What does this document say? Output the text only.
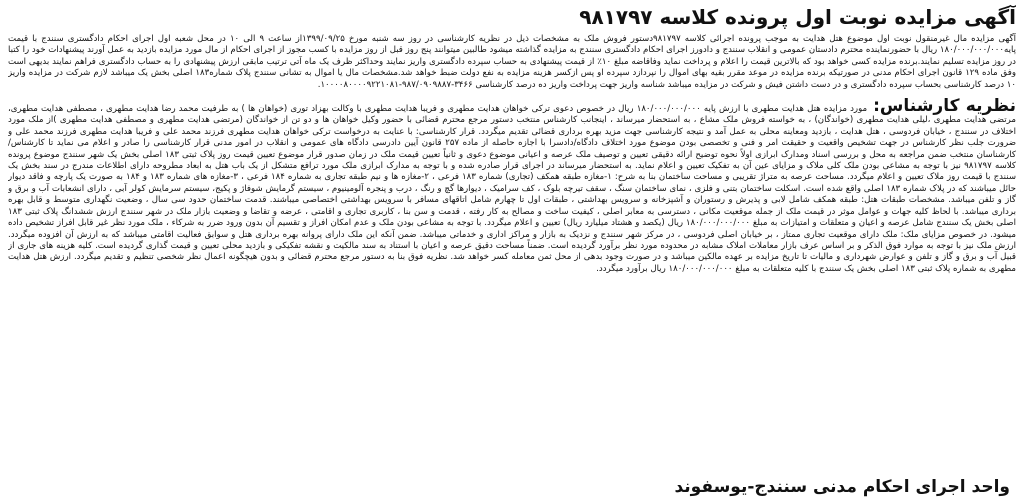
آگهی مزایده نوبت اول پرونده کلاسه ۹۸۱۷۹۷

آگهی مزایده مال غیرمنقول نوبت اول موضوع هتل هدایت به موجب پرونده اجرائی کلاسه ۹۸۱۷۹۷دستور فروش ملک به مشخصات ذیل در نظریه کارشناسی در روز سه شنبه مورخ ۱۳۹۹/۰۹/۲۵از ساعت ۹ الی ۱۰ در محل شعبه اول اجرای احکام دادگستری سنندج با قیمت پایه۱۸۰/۰۰۰/۰۰۰/۰۰۰ ریال با حضورنماینده محترم دادستان عمومی و انقلاب سنندج و دادورز اجرای احکام دادگستری سنندج به مزایده گذاشته میشود طالبین میتوانند پنج روز قبل از روز مزایده با کسب مجوز از اجرای احکام از مال مورد مزایده بازدید به عمل آورند پیشنهادات خود را کتبا در روز مزایده تسلیم نمایند.برنده مزایده کسی خواهد بود که بالاترین قیمت را اعلام و پرداخت نماید وفاقاضه مبلغ ۱۰٪ از قیمت پیشنهادی به حساب سپرده دادگستری واریز نمایند وحداکثر ظرف یک ماه آتی ترتیب مابقی ارزش پیشنهادی را به حساب دادگستری فراهم نمایند بدیهی است وفق ماده ۱۲۹ قانون اجرای احکام مدنی در صورتیکه برنده مزایده در موعد مقرر بقیه بهای اموال را نپردازد سپرده او پس ازکسر هزینه مزایده به نفع دولت ضبط خواهد شد.مشخصات مال یا اموال به تشانی سنندج پلاک شماره۱۸۳ اصلی بخش یک میباشد لازم شرکت در مزایده واریز ۱۰ درصد کارشناسی بحساب سپرده دادگستری و در دست داشتن فیش و شرکت در مزایده میباشد شناسه واریز جهت پرداخت واریز ده درصد کارشناسی ۳۴۶۶-۹۸۷/۰۹۰۹۸۸۷-۱۰۰۰۰۸۰۰۰۰۹۲۲۱۰۸۱.

نظریه کارشناس:مورد مزایده هتل هدایت مطهری با ارزش پایه ۱۸۰/۰۰۰/۰۰۰/۰۰۰ ریال در خصوص دعوی ترکی خواهان هدایت مطهری و فریبا هدایت مطهری با وکالت بهزاد توری (خواهان ها ) به طرفیت محمد رضا هدایت مطهری ، مصطفی هدایت مطهری، مرتضی هدایت مطهری ،لیلی هدایت مطهری (خواندگان) ، به خواسته فروش ملک مشاع ، به استحضار میرساند ، اینجانب کارشناس منتخب دستور مرجع محترم قضائی با حضور وکیل خواهان ها و دو تن از خواندگان (مرتضی هدایت مطهری و مصطفی هدایت مطهری )از ملک مورد اختلاف در سنندج ، خیابان فردوسی ، هتل هدایت ، بازدید ومعاینه محلی به عمل آمد و نتیجه کارشناسی جهت مزید بهره برداری قضائی تقدیم میگردد. قرار کارشناسی: با عنایت به درخواست ترکی خواهان هدایت مطهری فرزند محمد علی و فریبا هدایت مطهری فرزند محمد علی و ضرورت جلب نظر کارشناس در جهت تشخیص واقعیت و حقیقت امر و فنی و تخصصی بودن موضوع مورد اختلاف دادگاه/دادسرا با اجازه حاصله از ماده ۲۵۷ قانون آیین دادرسی دادگاه های عمومی و انقلاب در امور مدنی قرار کارشناسی را صادر و اعلام می نماید تا کارشناس/کارشناسان منتخب ضمن مراجعه به محل و بررسی اسناد ومدارک ابرازی اولاً نحوه توضیح ارائه دقیقی تعیین و توصیف ملک عرصه و اعیانی موضوع دعوی و ثانیاً تعیین قیمت ملک در زمان صدور قرار موضوع تعیین قیمت روز پلاک ثبتی ۱۸۳ اصلی بخش یک شهر سنندج موضوع پرونده کلاسه ۹۸۱۷۹۷ نیز با توجه به مشاعی بودن ملک کلی ملاک و مزایای عین آن به تفکیک تعیین و اعلام نماید. به استحضار میرساند در اجرای قرار صادره شده و با توجه به مدارک ابرازی ملک مورد ترافع متشکل از یک باب هتل به ابعاد مطروحه دارای اطلاعات مندرج در سند بخش یک سنندج با قیمت روز ملاک تعیین و اعلام میگردد. مساحت عرصه به متراژ تقریبی و مساحت ساختمان بنا به شرح: ۱-مغازه طبقه همکف (تجاری) شماره ۱۸۳ فرعی ، ۲-مغازه ها و نیم طبقه تجاری به شماره ۱۸۴ فرعی ، ۳-مغازه های شماره ۱۸۳ و ۱۸۴ به صورت یک پارچه و فاقد دیوار حائل میباشند که در پلاک شماره ۱۸۳ اصلی واقع شده است. اسکلت ساختمان بتنی و فلزی ، نمای ساختمان سنگ ، سقف تیرچه بلوک ، کف سرامیک ، دیوارها گچ و رنگ ، درب و پنجره آلومینیوم ، سیستم گرمایش شوفاژ و پکیج، سیستم سرمایش کولر آبی ، دارای انشعابات آب و برق و گاز و تلفن میباشد. مشخصات طبقات هتل: طبقه همکف شامل لابی و پذیرش و رستوران و آشپزخانه و سرویس بهداشتی ، طبقات اول تا چهارم شامل اتاقهای مسافر با سرویس بهداشتی اختصاصی میباشند. قدمت ساختمان حدود سی سال ، وضعیت نگهداری متوسط و قابل بهره برداری میباشد. با لحاظ کلیه جهات و عوامل موثر در قیمت ملک از جمله موقعیت مکانی ، دسترسی به معابر اصلی ، کیفیت ساخت و مصالح به کار رفته ، قدمت و سن بنا ، کاربری تجاری و اقامتی ، عرضه و تقاضا و وضعیت بازار ملک در شهر سنندج ارزش ششدانگ پلاک ثبتی ۱۸۳ اصلی بخش یک سنندج شامل عرصه و اعیان و متعلقات و امتیازات به مبلغ ۱۸۰/۰۰۰/۰۰۰/۰۰۰ ریال (یکصد و هشتاد میلیارد ریال) تعیین و اعلام میگردد. با توجه به مشاعی بودن ملک و عدم امکان افراز و تقسیم آن بدون ورود ضرر به شرکاء ، ملک مورد نظر غیر قابل افراز تشخیص داده میشود. در خصوص مزایای ملک: ملک دارای موقعیت تجاری ممتاز ، بر خیابان اصلی فردوسی ، در مرکز شهر سنندج و نزدیک به بازار و مراکز اداری و خدماتی میباشد. ضمن آنکه این ملک دارای پروانه بهره برداری هتل و سوابق فعالیت اقامتی میباشد که به ارزش آن افزوده میگردد. ارزش ملک نیز با توجه به موارد فوق الذکر و بر اساس عرف بازار معاملات املاک مشابه در محدوده مورد نظر برآورد گردیده است. ضمناً مساحت دقیق عرصه و اعیان با استناد به سند مالکیت و نقشه تفکیکی و بازدید محلی تعیین و قیمت گذاری گردیده است. کلیه هزینه های جاری از قبیل آب و برق و گاز و تلفن و عوارض شهرداری و مالیات تا تاریخ مزایده بر عهده مالکین میباشد و در صورت وجود بدهی از محل ثمن معامله کسر خواهد شد. نظریه فوق بنا به دستور مرجع محترم قضائی و بدون هیچگونه اعمال نظر شخصی تنظیم و تقدیم میگردد. ارزش هتل هدایت مطهری به شماره پلاک ثبتی ۱۸۳ اصلی بخش یک سنندج با کلیه متعلقات به مبلغ ۱۸۰/۰۰۰/۰۰۰/۰۰۰ ریال برآورد میگردد.

واحد اجرای احکام مدنی سنندج-یوسفوند
